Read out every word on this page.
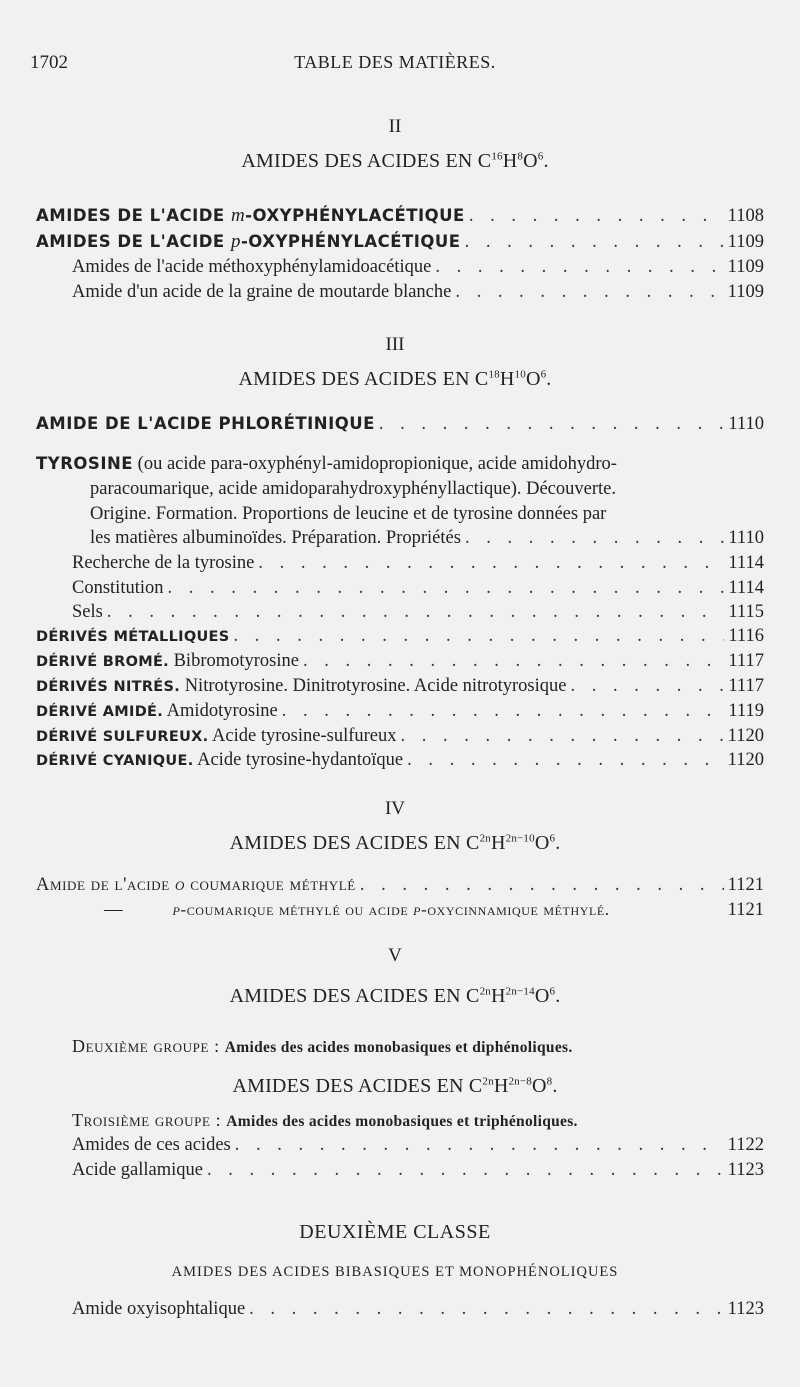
1702	TABLE DES MATIÈRES.
II
AMIDES DES ACIDES EN $C^{16}H^8O^6$.
AMIDES DE L'ACIDE m-OXYPHÉNYLACÉTIQUE . . .	1108
AMIDES DE L'ACIDE p-OXYPHÉNYLACÉTIQUE . . .	1109
Amides de l'acide méthoxyphénylamidoacétique . . .	1109
Amide d'un acide de la graine de moutarde blanche . . .	1109
III
AMIDES DES ACIDES EN $C^{18}H^{10}O^6$.
AMIDE DE L'ACIDE PHLORÉTINIQUE . . .	1110
TYROSINE (ou acide para-oxyphényl-amidopropionique, acide amidohydro-
paracoumarique, acide amidoparahydroxyphényllactique). Découverte.
Origine. Formation. Proportions de leucine et de tyrosine données par
les matières albuminoïdes. Préparation. Propriétés . . .	1110
Recherche de la tyrosine . . .	1114
Constitution . . .	1114
Sels . . .	1115
DÉRIVÉS MÉTALLIQUES . . .	1116
DÉRIVÉ BROMÉ. Bibromotyrosine . . .	1117
DÉRIVÉS NITRÉS. Nitrotyrosine. Dinitrotyrosine. Acide nitrotyrosique . . .	1117
DÉRIVÉ AMIDÉ. Amidotyrosine . . .	1119
DÉRIVÉ SULFUREUX. Acide tyrosine-sulfureux . . .	1120
DÉRIVÉ CYANIQUE. Acide tyrosine-hydantoïque . . .	1120
IV
AMIDES DES ACIDES EN $C^{2n}H^{2n-10}O^6$.
Amide de l'acide o coumarique méthylé . . .	1121
—	p-coumarique méthylé ou acide p-oxycinnamique méthylé.	1121
V
AMIDES DES ACIDES EN $C^{2n}H^{2n-14}O^6$.
Deuxième groupe : Amides des acides monobasiques et diphénoliques.
AMIDES DES ACIDES EN $C^{2n}H^{2n-8}O^8$.
Troisième groupe : Amides des acides monobasiques et triphénoliques.
Amides de ces acides . . .	1122
Acide gallamique . . .	1123
DEUXIÈME CLASSE
AMIDES DES ACIDES BIBASIQUES ET MONOPHÉNOLIQUES
Amide oxyisophtalique . . .	1123
